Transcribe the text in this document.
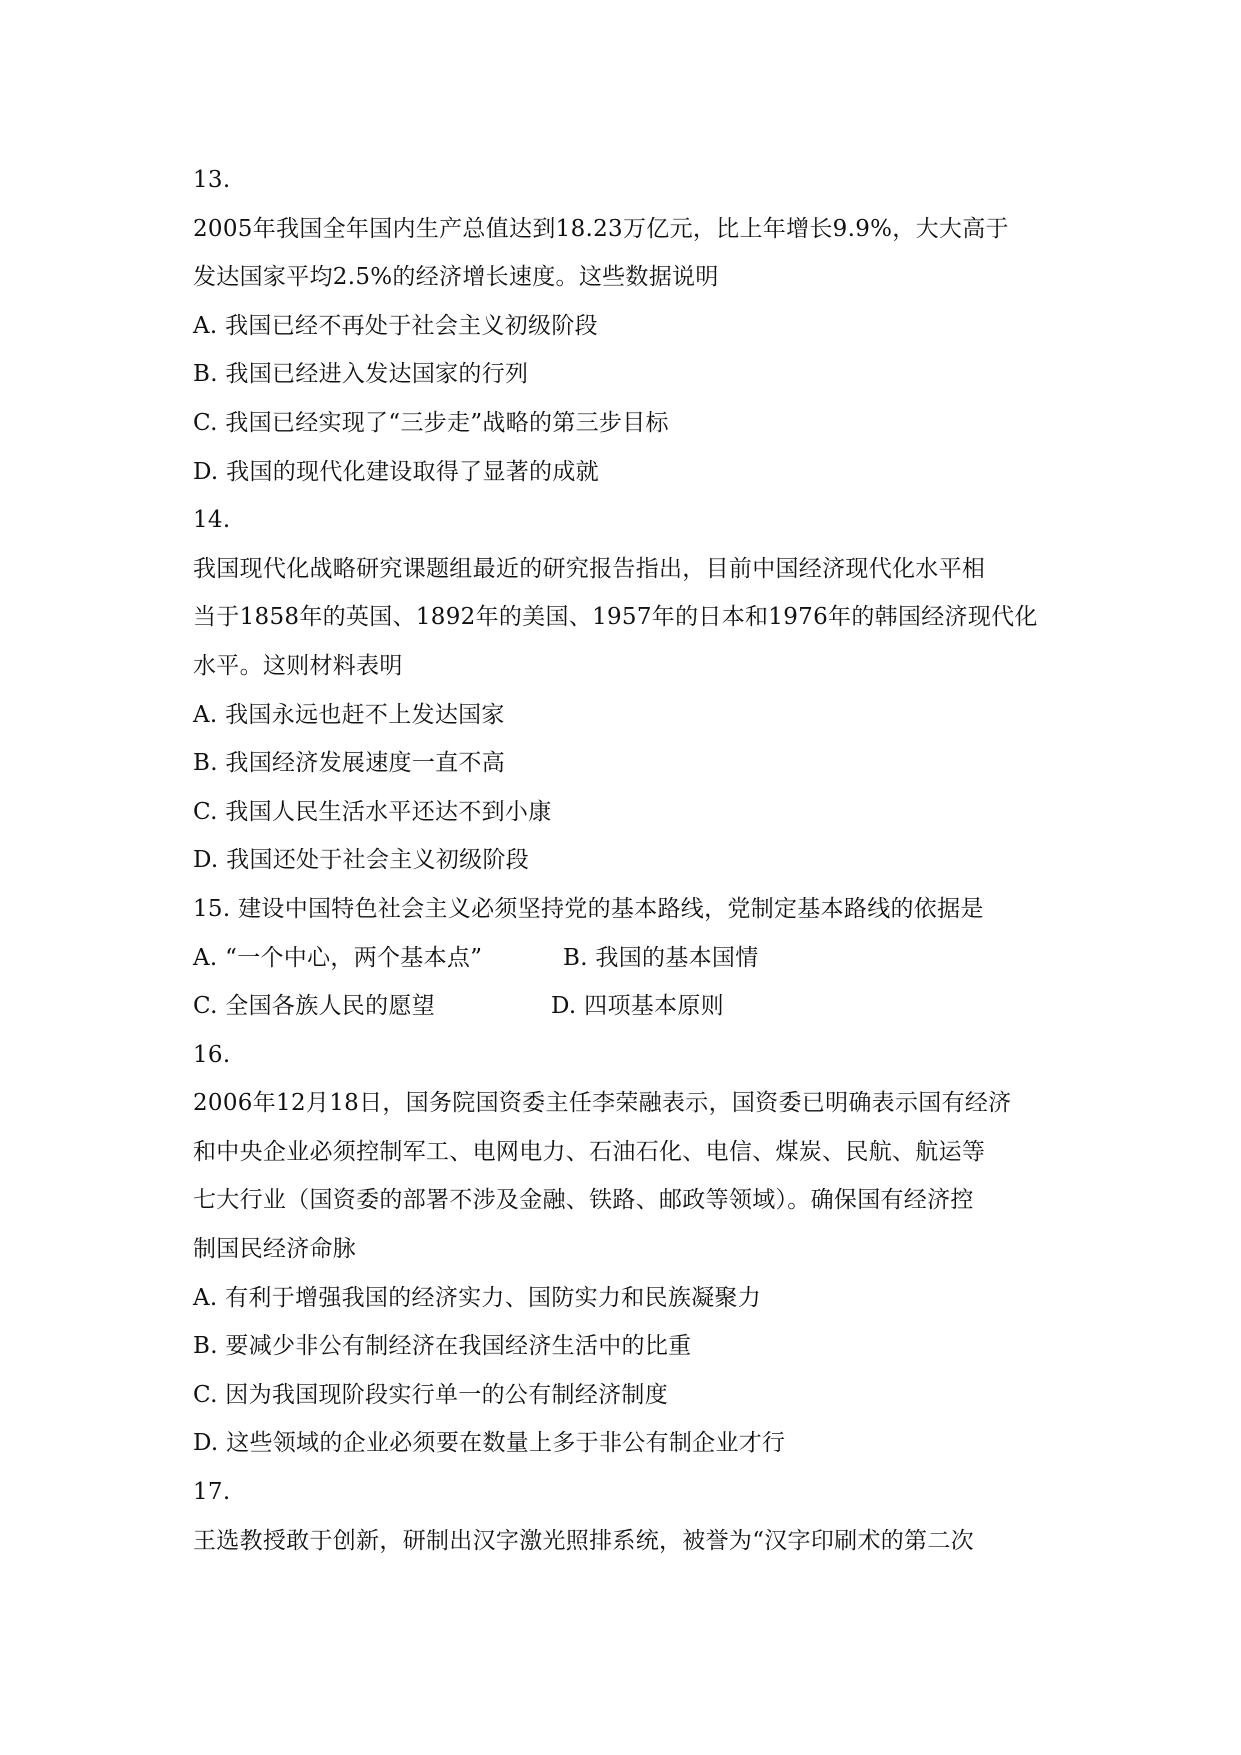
13.
2005年我国全年国内生产总值达到18.23万亿元，比上年增长9.9%，大大高于
发达国家平均2.5%的经济增长速度。这些数据说明
A. 我国已经不再处于社会主义初级阶段
B. 我国已经进入发达国家的行列
C. 我国已经实现了“三步走”战略的第三步目标
D. 我国的现代化建设取得了显著的成就
14.
我国现代化战略研究课题组最近的研究报告指出，目前中国经济现代化水平相
当于1858年的英国、1892年的美国、1957年的日本和1976年的韩国经济现代化
水平。这则材料表明
A. 我国永远也赶不上发达国家
B. 我国经济发展速度一直不高
C. 我国人民生活水平还达不到小康
D. 我国还处于社会主义初级阶段
15. 建设中国特色社会主义必须坚持党的基本路线，党制定基本路线的依据是
A. “一个中心，两个基本点”	B. 我国的基本国情
C. 全国各族人民的愿望	D. 四项基本原则
16.
2006年12月18日，国务院国资委主任李荣融表示，国资委已明确表示国有经济
和中央企业必须控制军工、电网电力、石油石化、电信、煤炭、民航、航运等
七大行业（国资委的部署不涉及金融、铁路、邮政等领域）。确保国有经济控
制国民经济命脉
A. 有利于增强我国的经济实力、国防实力和民族凝聚力
B. 要减少非公有制经济在我国经济生活中的比重
C. 因为我国现阶段实行单一的公有制经济制度
D. 这些领域的企业必须要在数量上多于非公有制企业才行
17.
王选教授敢于创新，研制出汉字激光照排系统，被誉为“汉字印刷术的第二次
